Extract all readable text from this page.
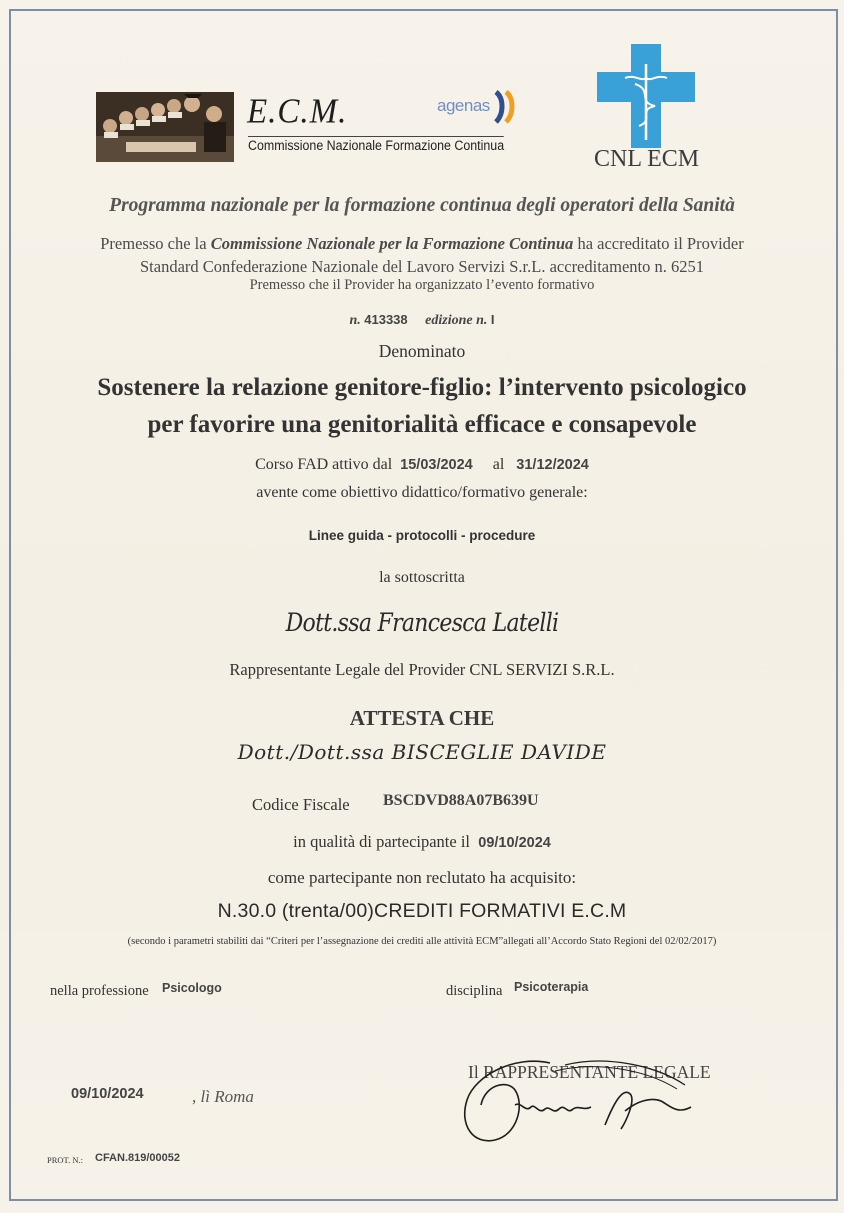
E.C.M.
Commissione Nazionale Formazione Continua
agenas
CNL ECM
Programma nazionale per la formazione continua degli operatori della Sanità
Premesso che la Commissione Nazionale per la Formazione Continua ha accreditato il Provider
Standard Confederazione Nazionale del Lavoro Servizi S.r.L. accreditamento n. 6251
Premesso che il Provider ha organizzato l’evento formativo
n. 413338 edizione n. I
Denominato
Sostenere la relazione genitore-figlio: l’intervento psicologico
per favorire una genitorialità efficace e consapevole
Corso FAD attivo dal 15/03/2024 al 31/12/2024
avente come obiettivo didattico/formativo generale:
Linee guida - protocolli - procedure
la sottoscritta
Dott.ssa Francesca Latelli
Rappresentante Legale del Provider CNL SERVIZI S.R.L.
ATTESTA CHE
Dott./Dott.ssa BISCEGLIE DAVIDE
Codice Fiscale BSCDVD88A07B639U
in qualità di partecipante il 09/10/2024
come partecipante non reclutato ha acquisito:
N.30.0 (trenta/00)CREDITI FORMATIVI E.C.M
(secondo i parametri stabiliti dai “Criteri per l’assegnazione dei crediti alle attività ECM”allegati all’Accordo Stato Regioni del 02/02/2017)
nella professione Psicologo	disciplina Psicoterapia
Il RAPPRESENTANTE LEGALE
09/10/2024	, lì Roma
PROT. N.: CFAN.819/00052
